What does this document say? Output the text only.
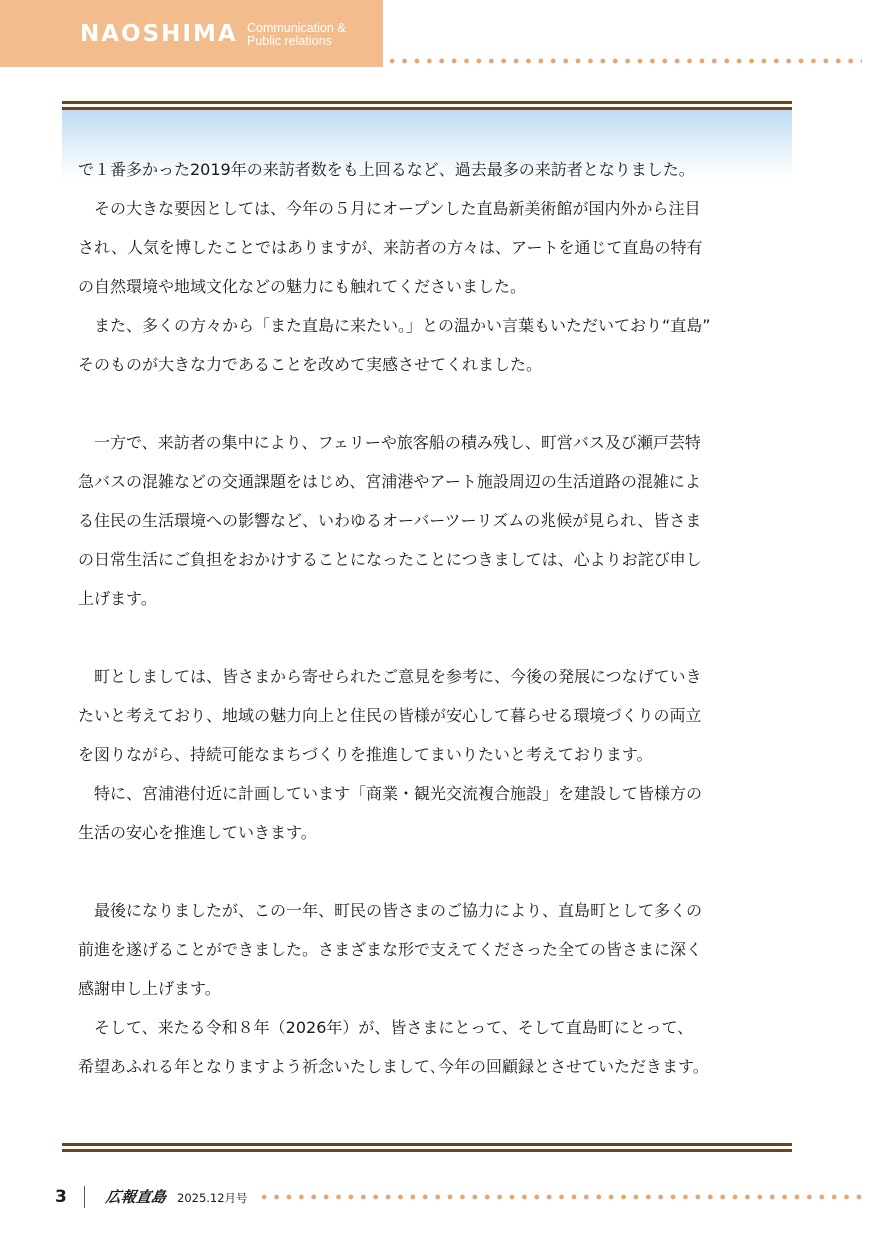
NAOSHIMA Communication &
Public relations

で１番多かった2019年の来訪者数をも上回るなど、過去最多の来訪者となりました。

　その大きな要因としては、今年の５月にオープンした直島新美術館が国内外から注目

され、人気を博したことではありますが、来訪者の方々は、アートを通じて直島の特有

の自然環境や地域文化などの魅力にも触れてくださいました。

　また、多くの方々から「また直島に来たい。」との温かい言葉もいただいており“直島”

そのものが大きな力であることを改めて実感させてくれました。

　一方で、来訪者の集中により、フェリーや旅客船の積み残し、町営バス及び瀬戸芸特

急バスの混雑などの交通課題をはじめ、宮浦港やアート施設周辺の生活道路の混雑によ

る住民の生活環境への影響など、いわゆるオーバーツーリズムの兆候が見られ、皆さま

の日常生活にご負担をおかけすることになったことにつきましては、心よりお詫び申し

上げます。

　町としましては、皆さまから寄せられたご意見を参考に、今後の発展につなげていき

たいと考えており、地域の魅力向上と住民の皆様が安心して暮らせる環境づくりの両立

を図りながら、持続可能なまちづくりを推進してまいりたいと考えております。

　特に、宮浦港付近に計画しています「商業・観光交流複合施設」を建設して皆様方の

生活の安心を推進していきます。

　最後になりましたが、この一年、町民の皆さまのご協力により、直島町として多くの

前進を遂げることができました。さまざまな形で支えてくださった全ての皆さまに深く

感謝申し上げます。

　そして、来たる令和８年（2026年）が、皆さまにとって、そして直島町にとって、

希望あふれる年となりますよう祈念いたしまして､今年の回顧録とさせていただきます。

3	広報直島 2025.12月号
